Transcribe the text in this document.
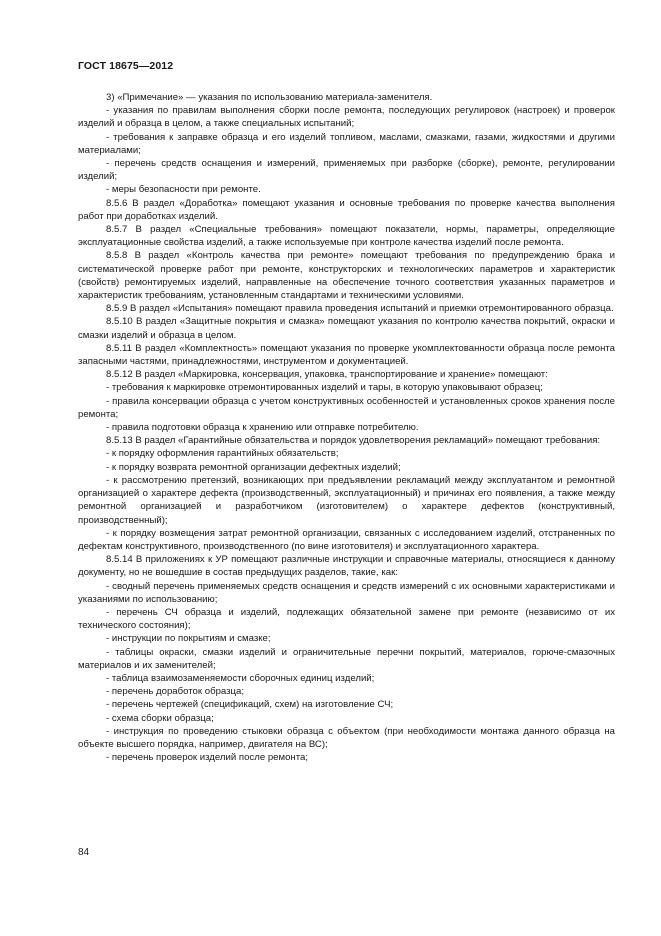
ГОСТ 18675—2012

3) «Примечание» — указания по использованию материала-заменителя.

- указания по правилам выполнения сборки после ремонта, последующих регулировок (настроек) и проверок изделий и образца в целом, а также специальных испытаний;

- требования к заправке образца и его изделий топливом, маслами, смазками, газами, жидкостями и другими материалами;

- перечень средств оснащения и измерений, применяемых при разборке (сборке), ремонте, регулировании изделий;

- меры безопасности при ремонте.

8.5.6 В раздел «Доработка» помещают указания и основные требования по проверке качества выполнения работ при доработках изделий.

8.5.7 В раздел «Специальные требования» помещают показатели, нормы, параметры, определяющие эксплуатационные свойства изделий, а также используемые при контроле качества изделий после ремонта.

8.5.8 В раздел «Контроль качества при ремонте» помещают требования по предупреждению брака и систематической проверке работ при ремонте, конструкторских и технологических параметров и характеристик (свойств) ремонтируемых изделий, направленные на обеспечение точного соответствия указанных параметров и характеристик требованиям, установленным стандартами и техническими условиями.

8.5.9 В раздел «Испытания» помещают правила проведения испытаний и приемки отремонтированного образца.

8.5.10 В раздел «Защитные покрытия и смазка» помещают указания по контролю качества покрытий, окраски и смазки изделий и образца в целом.

8.5.11 В раздел «Комплектность» помещают указания по проверке укомплектованности образца после ремонта запасными частями, принадлежностями, инструментом и документацией.

8.5.12 В раздел «Маркировка, консервация, упаковка, транспортирование и хранение» помещают:

- требования к маркировке отремонтированных изделий и тары, в которую упаковывают образец;

- правила консервации образца с учетом конструктивных особенностей и установленных сроков хранения после ремонта;

- правила подготовки образца к хранению или отправке потребителю.

8.5.13 В раздел «Гарантийные обязательства и порядок удовлетворения рекламаций» помещают требования:

- к порядку оформления гарантийных обязательств;

- к порядку возврата ремонтной организации дефектных изделий;

- к рассмотрению претензий, возникающих при предъявлении рекламаций между эксплуатантом и ремонтной организацией о характере дефекта (производственный, эксплуатационный) и причинах его появления, а также между ремонтной организацией и разработчиком (изготовителем) о характере дефектов (конструктивный, производственный);

- к порядку возмещения затрат ремонтной организации, связанных с исследованием изделий, отстраненных по дефектам конструктивного, производственного (по вине изготовителя) и эксплуатационного характера.

8.5.14 В приложениях к УР помещают различные инструкции и справочные материалы, относящиеся к данному документу, но не вошедшие в состав предыдущих разделов, такие, как:

- сводный перечень применяемых средств оснащения и средств измерений с их основными характеристиками и указаниями по использованию;

- перечень СЧ образца и изделий, подлежащих обязательной замене при ремонте (независимо от их технического состояния);

- инструкции по покрытиям и смазке;

- таблицы окраски, смазки изделий и ограничительные перечни покрытий, материалов, горюче-смазочных материалов и их заменителей;

- таблица взаимозаменяемости сборочных единиц изделий;

- перечень доработок образца;

- перечень чертежей (спецификаций, схем) на изготовление СЧ;

- схема сборки образца;

- инструкция по проведению стыковки образца с объектом (при необходимости монтажа данного образца на объекте высшего порядка, например, двигателя на ВС);

- перечень проверок изделий после ремонта;

84
